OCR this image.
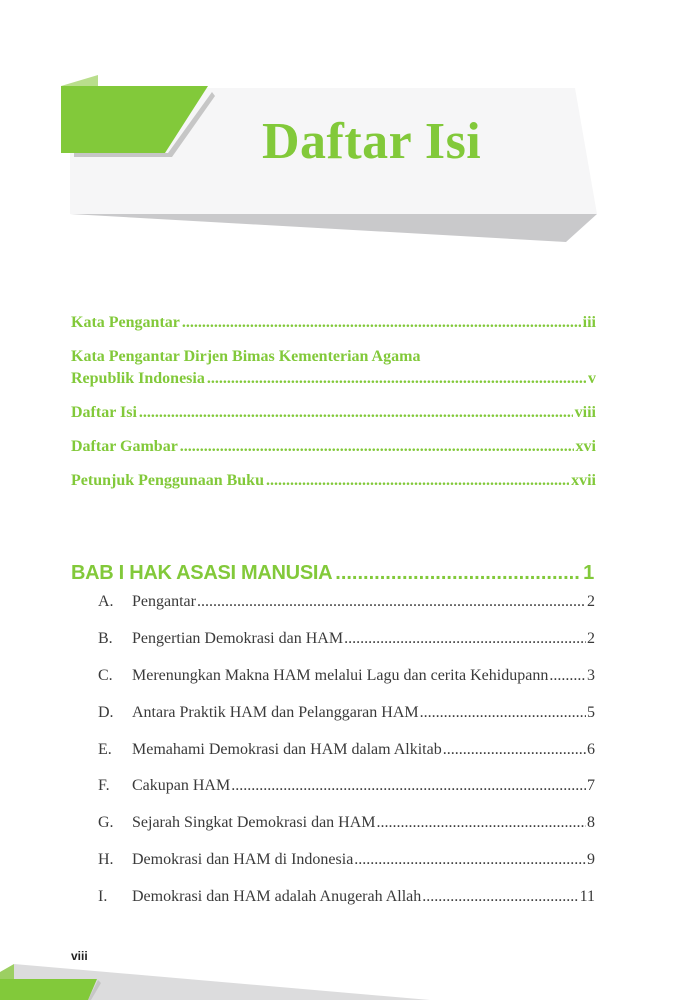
Daftar Isi
Kata Pengantar .....	iii
Kata Pengantar Dirjen Bimas Kementerian Agama
Republik Indonesia .....	v
Daftar Isi .....	viii
Daftar Gambar .....	xvi
Petunjuk Penggunaan Buku .....	xvii
BAB I HAK ASASI MANUSIA .....	1
A.	Pengantar .....	2
B.	Pengertian Demokrasi dan HAM .....	2
C.	Merenungkan Makna HAM melalui Lagu dan cerita Kehidupann ..... 3
D.	Antara Praktik HAM dan Pelanggaran HAM .....	5
E.	Memahami Demokrasi dan HAM dalam Alkitab .....	6
F.	Cakupan HAM .....	7
G.	Sejarah Singkat Demokrasi dan HAM .....	8
H.	Demokrasi dan HAM di Indonesia .....	9
I.	Demokrasi dan HAM adalah Anugerah Allah .....	11
viii
